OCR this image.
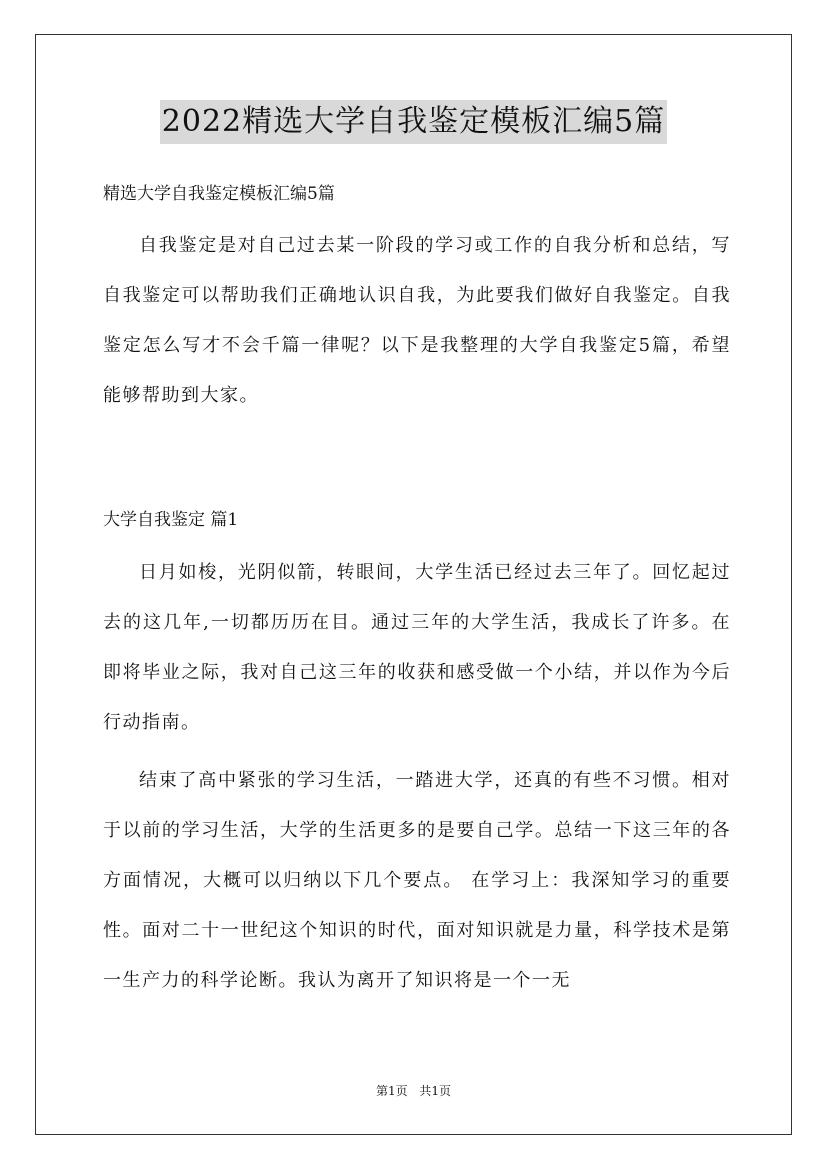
2022精选大学自我鉴定模板汇编5篇
精选大学自我鉴定模板汇编5篇
自我鉴定是对自己过去某一阶段的学习或工作的自我分析和总结，写自我鉴定可以帮助我们正确地认识自我，为此要我们做好自我鉴定。自我鉴定怎么写才不会千篇一律呢？以下是我整理的大学自我鉴定5篇，希望能够帮助到大家。
大学自我鉴定 篇1
日月如梭，光阴似箭，转眼间，大学生活已经过去三年了。回忆起过去的这几年,一切都历历在目。通过三年的大学生活，我成长了许多。在即将毕业之际，我对自己这三年的收获和感受做一个小结，并以作为今后行动指南。
结束了高中紧张的学习生活，一踏进大学，还真的有些不习惯。相对于以前的学习生活，大学的生活更多的是要自己学。总结一下这三年的各方面情况，大概可以归纳以下几个要点。 在学习上：我深知学习的重要性。面对二十一世纪这个知识的时代，面对知识就是力量，科学技术是第一生产力的科学论断。我认为离开了知识将是一个一无
第1页 共1页
